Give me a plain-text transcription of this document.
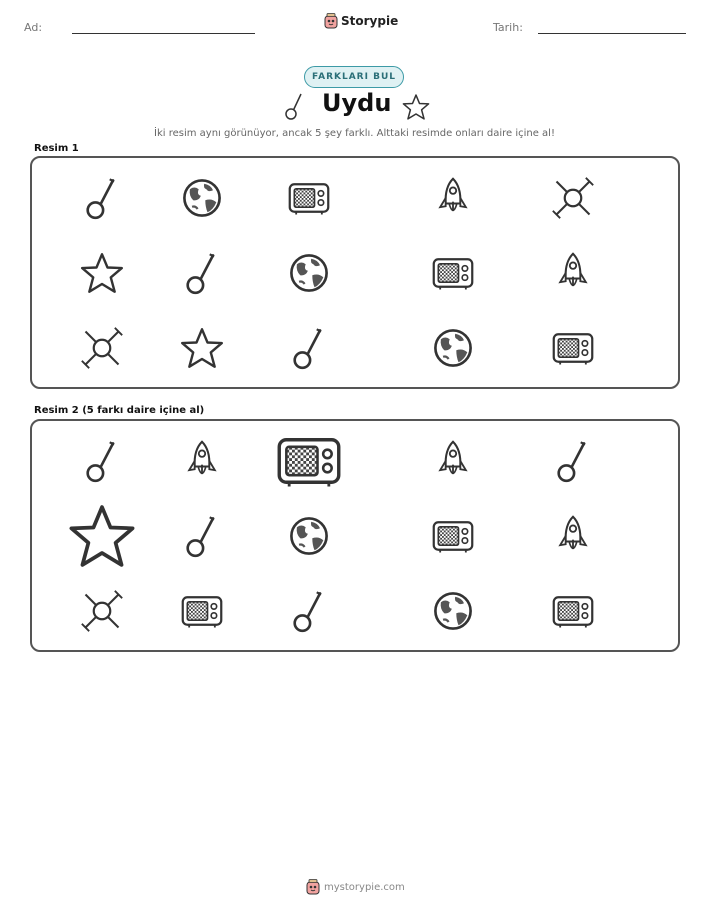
Ad:	Storypie	Tarih:
FARKLARI BUL
Uydu
İki resim aynı görünüyor, ancak 5 şey farklı. Alttaki resimde onları daire içine al!
Resim 1
Resim 2 (5 farkı daire içine al)
mystorypie.com
